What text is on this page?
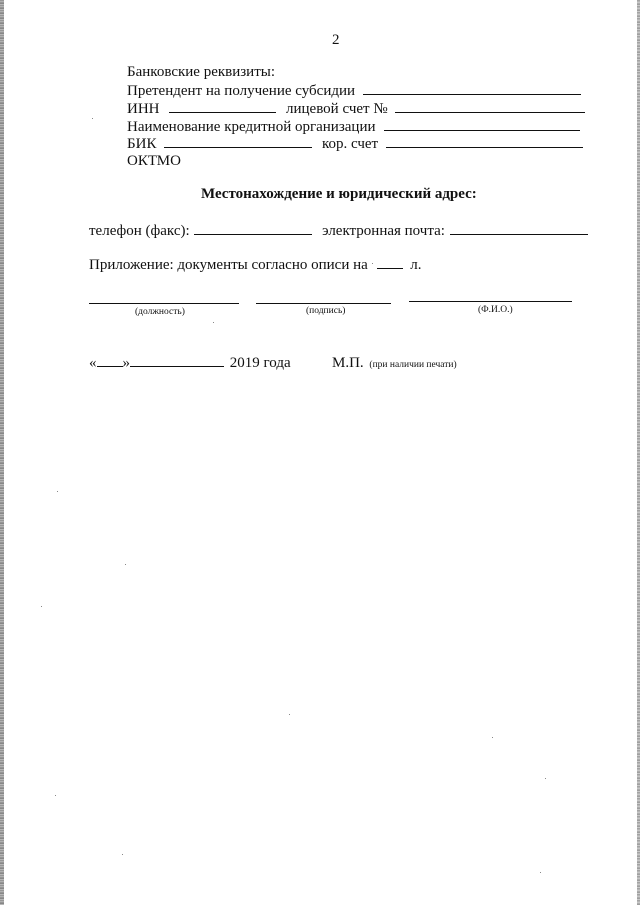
2
Банковские реквизиты:
Претендент на получение субсидии
ИНН	лицевой счет №
Наименование кредитной организации
БИК	кор. счет
ОКТМО
Местонахождение и юридический адрес:
телефон (факс):	электронная почта:
Приложение: документы согласно описи на	л.
(должность)	(подпись)	(Ф.И.О.)
« »	2019 года	М.П. (при наличии печати)
